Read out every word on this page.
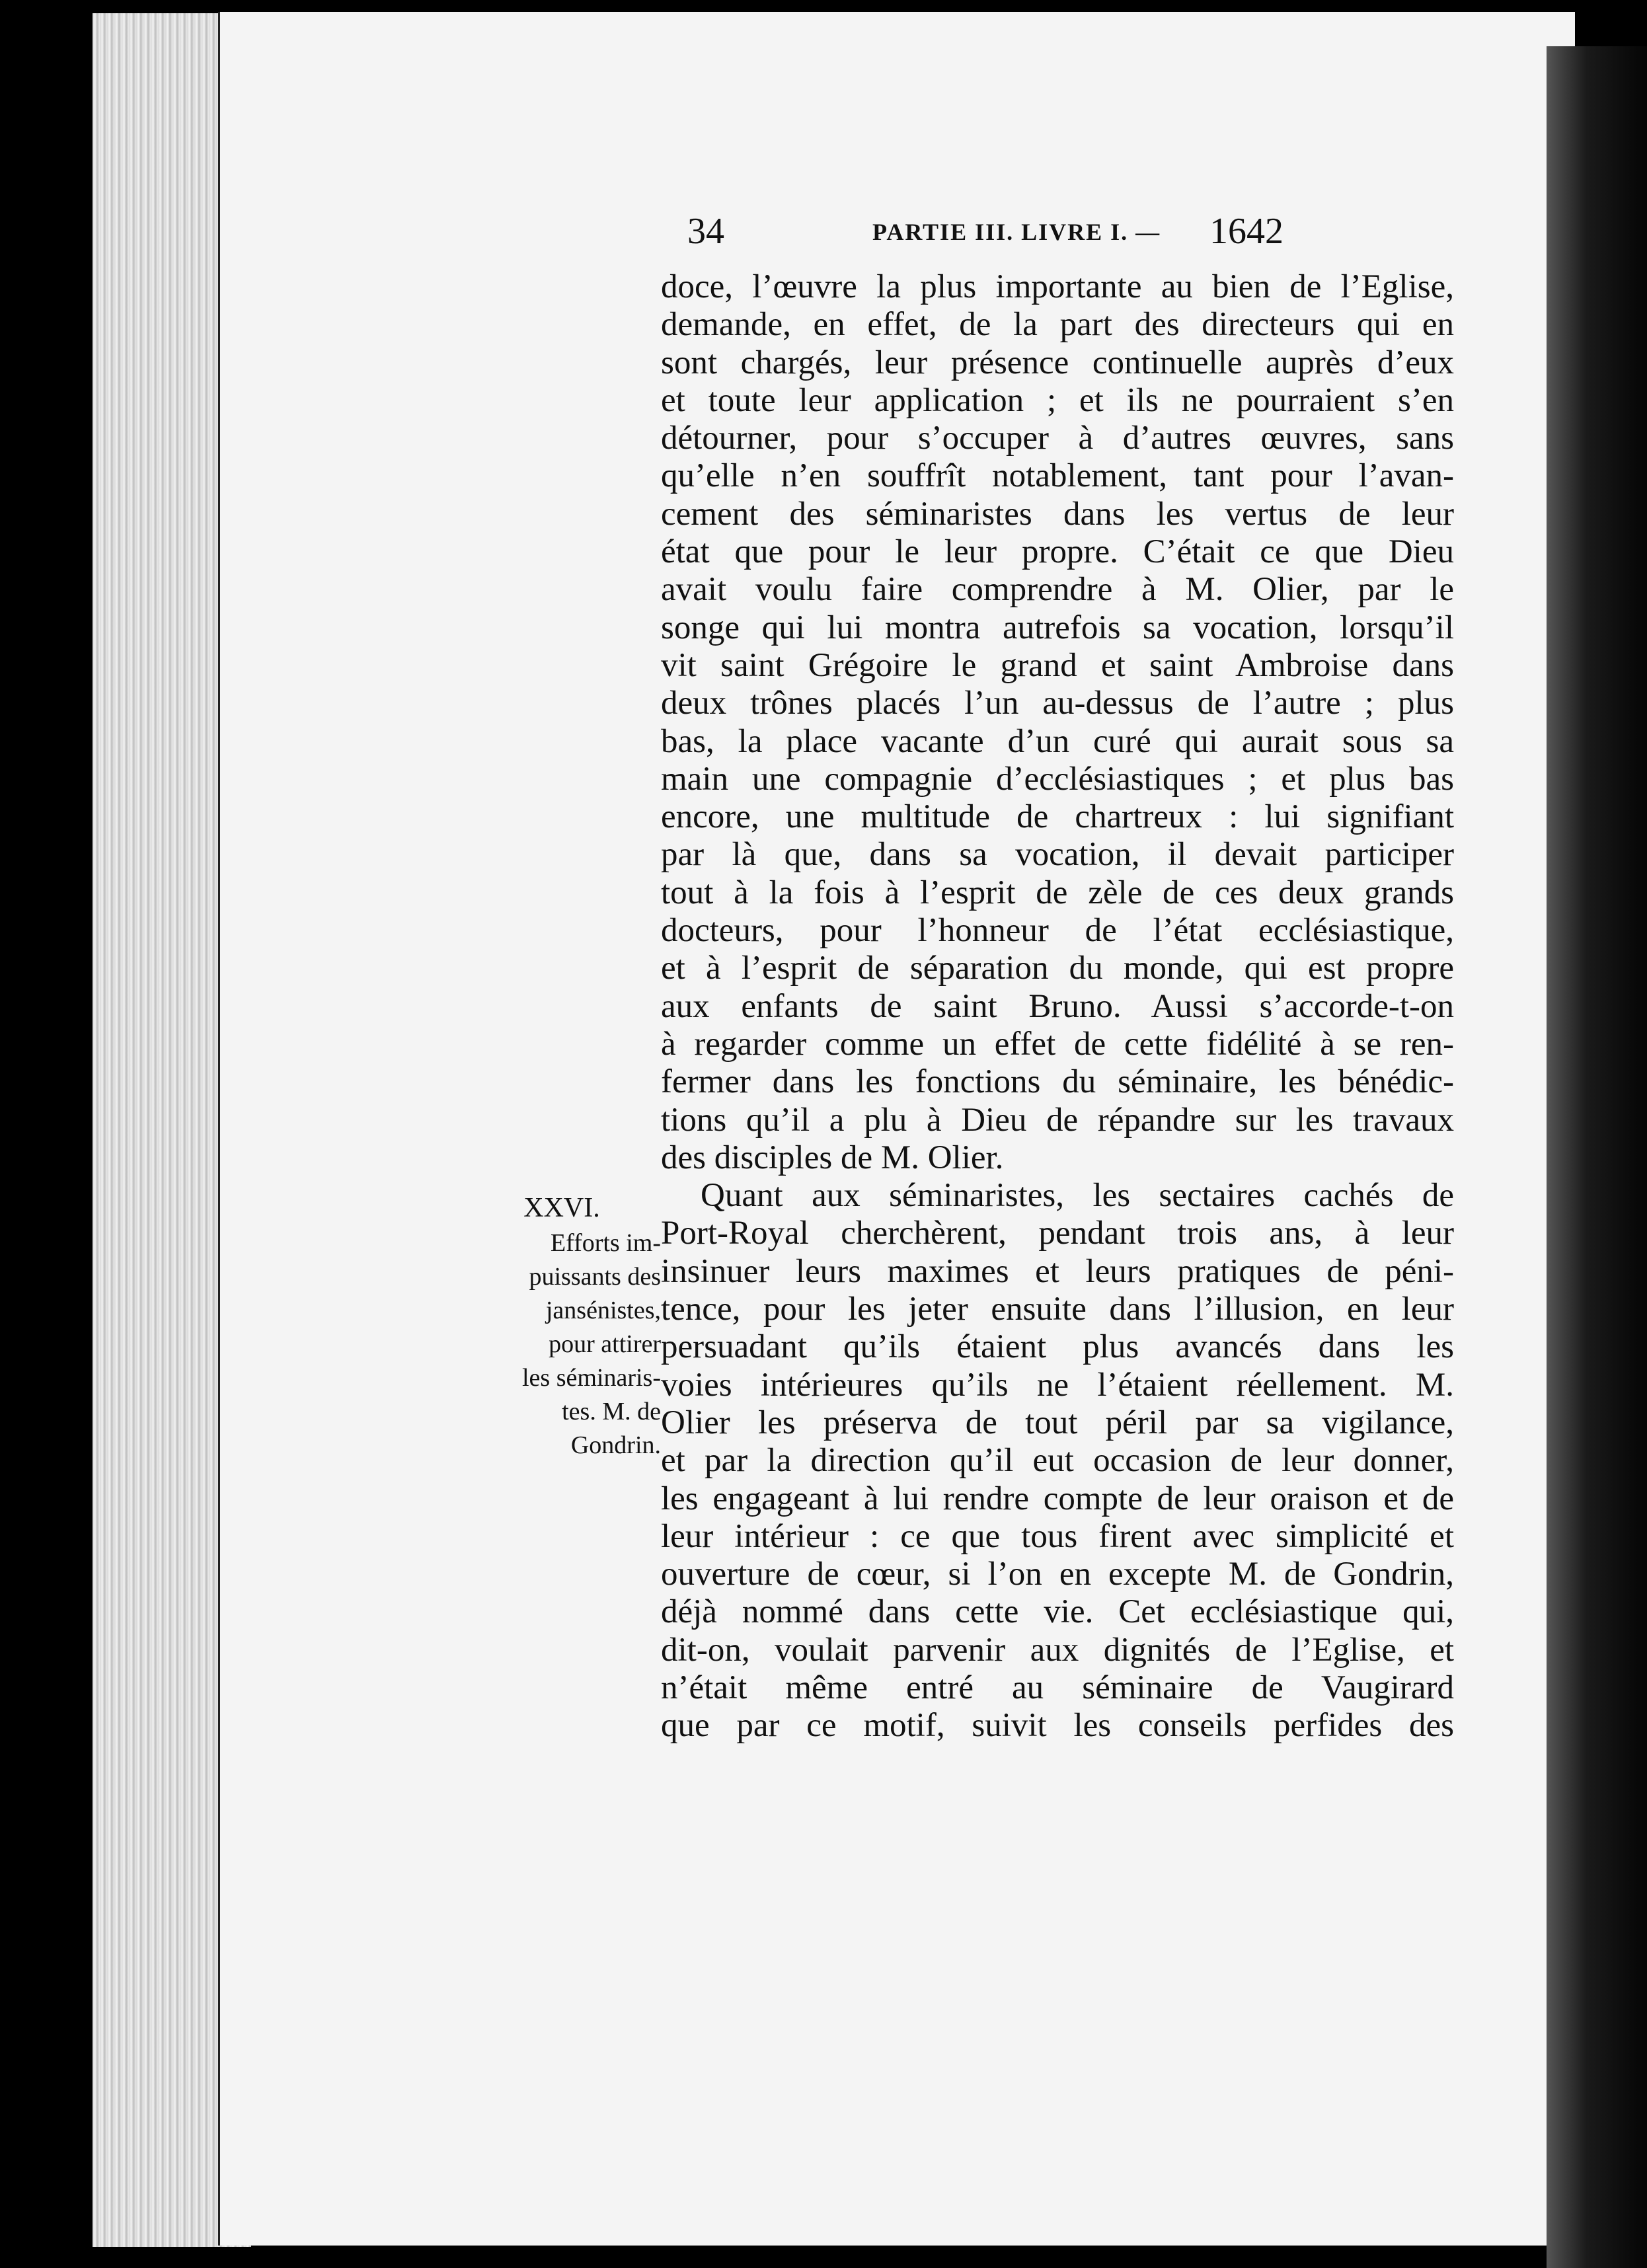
34	PARTIE III. LIVRE I. — 1642
XXVI.
Efforts im-
puissants des
jansénistes,
pour attirer
les séminaris-
tes. M. de
Gondrin.
doce, l’œuvre la plus importante au bien de l’Eglise,
demande, en effet, de la part des directeurs qui en
sont chargés, leur présence continuelle auprès d’eux
et toute leur application ; et ils ne pourraient s’en
détourner, pour s’occuper à d’autres œuvres, sans
qu’elle n’en souffrît notablement, tant pour l’avan-
cement des séminaristes dans les vertus de leur
état que pour le leur propre. C’était ce que Dieu
avait voulu faire comprendre à M. Olier, par le
songe qui lui montra autrefois sa vocation, lorsqu’il
vit saint Grégoire le grand et saint Ambroise dans
deux trônes placés l’un au-dessus de l’autre ; plus
bas, la place vacante d’un curé qui aurait sous sa
main une compagnie d’ecclésiastiques ; et plus bas
encore, une multitude de chartreux : lui signifiant
par là que, dans sa vocation, il devait participer
tout à la fois à l’esprit de zèle de ces deux grands
docteurs, pour l’honneur de l’état ecclésiastique,
et à l’esprit de séparation du monde, qui est propre
aux enfants de saint Bruno. Aussi s’accorde-t-on
à regarder comme un effet de cette fidélité à se ren-
fermer dans les fonctions du séminaire, les bénédic-
tions qu’il a plu à Dieu de répandre sur les travaux
des disciples de M. Olier.
Quant aux séminaristes, les sectaires cachés de
Port-Royal cherchèrent, pendant trois ans, à leur
insinuer leurs maximes et leurs pratiques de péni-
tence, pour les jeter ensuite dans l’illusion, en leur
persuadant qu’ils étaient plus avancés dans les
voies intérieures qu’ils ne l’étaient réellement. M.
Olier les préserva de tout péril par sa vigilance,
et par la direction qu’il eut occasion de leur donner,
les engageant à lui rendre compte de leur oraison et de
leur intérieur : ce que tous firent avec simplicité et
ouverture de cœur, si l’on en excepte M. de Gondrin,
déjà nommé dans cette vie. Cet ecclésiastique qui,
dit-on, voulait parvenir aux dignités de l’Eglise, et
n’était même entré au séminaire de Vaugirard
que par ce motif, suivit les conseils perfides des
